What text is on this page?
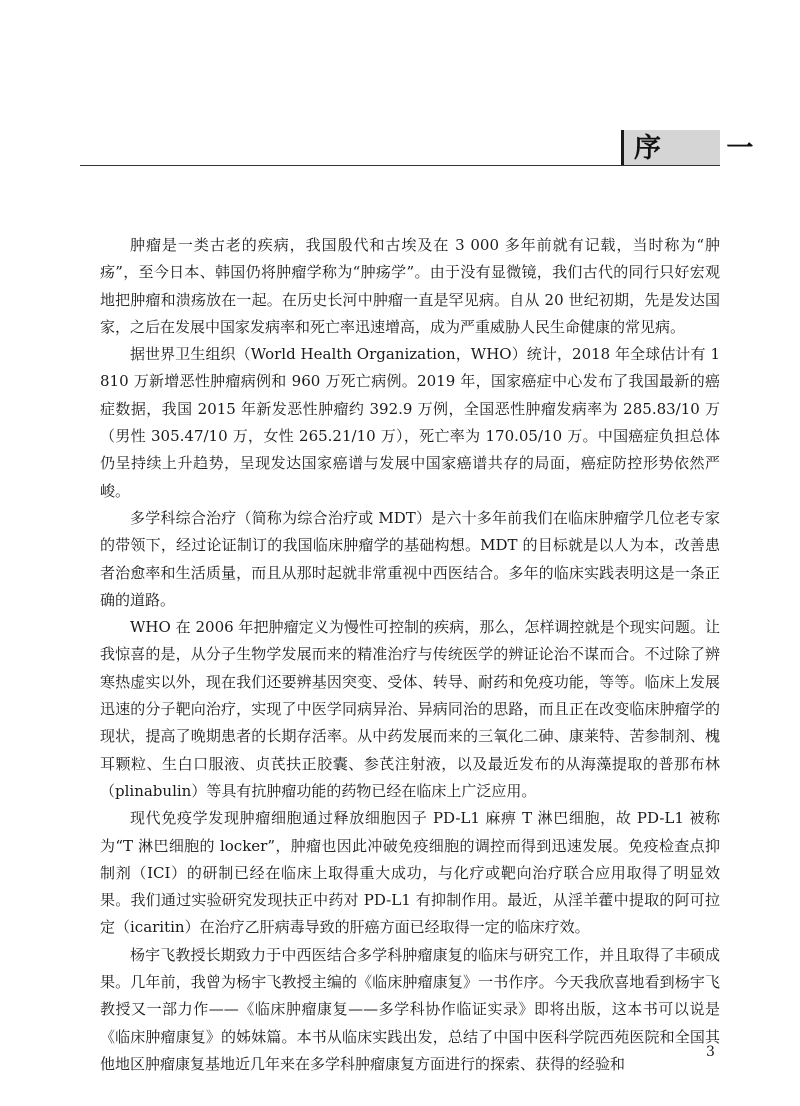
序 一

肿瘤是一类古老的疾病，我国殷代和古埃及在 3 000 多年前就有记载，当时称为“肿疡”，至今日本、韩国仍将肿瘤学称为“肿疡学”。由于没有显微镜，我们古代的同行只好宏观地把肿瘤和溃疡放在一起。在历史长河中肿瘤一直是罕见病。自从 20 世纪初期，先是发达国家，之后在发展中国家发病率和死亡率迅速增高，成为严重威胁人民生命健康的常见病。

据世界卫生组织（World Health Organization，WHO）统计，2018 年全球估计有 1 810 万新增恶性肿瘤病例和 960 万死亡病例。2019 年，国家癌症中心发布了我国最新的癌症数据，我国 2015 年新发恶性肿瘤约 392.9 万例，全国恶性肿瘤发病率为 285.83/10 万（男性 305.47/10 万，女性 265.21/10 万），死亡率为 170.05/10 万。中国癌症负担总体仍呈持续上升趋势，呈现发达国家癌谱与发展中国家癌谱共存的局面，癌症防控形势依然严峻。

多学科综合治疗（简称为综合治疗或 MDT）是六十多年前我们在临床肿瘤学几位老专家的带领下，经过论证制订的我国临床肿瘤学的基础构想。MDT 的目标就是以人为本，改善患者治愈率和生活质量，而且从那时起就非常重视中西医结合。多年的临床实践表明这是一条正确的道路。

WHO 在 2006 年把肿瘤定义为慢性可控制的疾病，那么，怎样调控就是个现实问题。让我惊喜的是，从分子生物学发展而来的精准治疗与传统医学的辨证论治不谋而合。不过除了辨寒热虚实以外，现在我们还要辨基因突变、受体、转导、耐药和免疫功能，等等。临床上发展迅速的分子靶向治疗，实现了中医学同病异治、异病同治的思路，而且正在改变临床肿瘤学的现状，提高了晚期患者的长期存活率。从中药发展而来的三氧化二砷、康莱特、苦参制剂、槐耳颗粒、生白口服液、贞芪扶正胶囊、参芪注射液，以及最近发布的从海藻提取的普那布林（plinabulin）等具有抗肿瘤功能的药物已经在临床上广泛应用。

现代免疫学发现肿瘤细胞通过释放细胞因子 PD-L1 麻痹 T 淋巴细胞，故 PD-L1 被称为“T 淋巴细胞的 locker”，肿瘤也因此冲破免疫细胞的调控而得到迅速发展。免疫检查点抑制剂（ICI）的研制已经在临床上取得重大成功，与化疗或靶向治疗联合应用取得了明显效果。我们通过实验研究发现扶正中药对 PD-L1 有抑制作用。最近，从淫羊藿中提取的阿可拉定（icaritin）在治疗乙肝病毒导致的肝癌方面已经取得一定的临床疗效。

杨宇飞教授长期致力于中西医结合多学科肿瘤康复的临床与研究工作，并且取得了丰硕成果。几年前，我曾为杨宇飞教授主编的《临床肿瘤康复》一书作序。今天我欣喜地看到杨宇飞教授又一部力作——《临床肿瘤康复——多学科协作临证实录》即将出版，这本书可以说是《临床肿瘤康复》的姊妹篇。本书从临床实践出发，总结了中国中医科学院西苑医院和全国其他地区肿瘤康复基地近几年来在多学科肿瘤康复方面进行的探索、获得的经验和

3
